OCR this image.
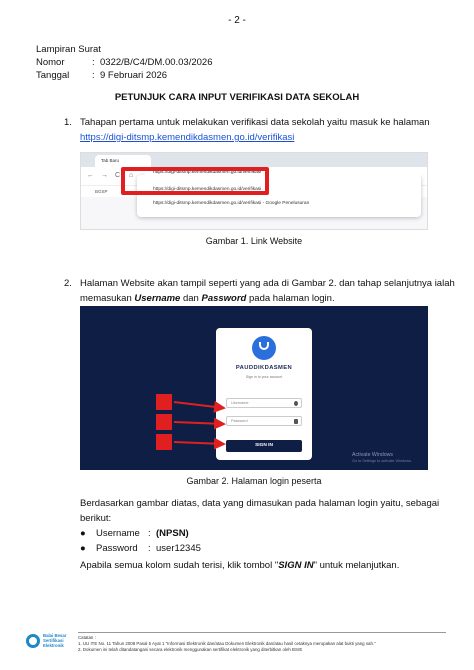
- 2 -
Lampiran Surat
Nomor	: 0322/B/C4/DM.00.03/2026
Tanggal : 9 Februari 2026
PETUNJUK CARA INPUT VERIFIKASI DATA SEKOLAH
1. Tahapan pertama untuk melakukan verifikasi data sekolah yaitu masuk ke halaman
https://digi-ditsmp.kemendikdasmen.go.id/verifikasi
Tab Baru
← → C ⌂
BGSP
https://digi-ditsmp.kemendikdasmen.go.id/verifikasi
https://digi-ditsmp.kemendikdasmen.go.id/verifikasi
https://digi-ditsmp.kemendikdasmen.go.id/verifikasi - Google Penelusuran
Gambar 1. Link Website
2. Halaman Website akan tampil seperti yang ada di Gambar 2. dan tahap selanjutnya ialah
memasukan Username dan Password pada halaman login.
PAUDDIKDASMEN
Sign in to your account
Username
Password
SIGN IN
Activate Windows
Go to Settings to activate Windows.
Gambar 2. Halaman login peserta
Berdasarkan gambar diatas, data yang dimasukan pada halaman login yaitu, sebagai
berikut:
● Username : (NPSN)
● Password : user12345
Apabila semua kolom sudah terisi, klik tombol "SIGN IN" untuk melanjutkan.
Balai Besar
Sertifikasi
Elektronik
Catatan :
1. UU ITE No. 11 Tahun 2008 Pasal 5 Ayat 1 "Informasi Elektronik dan/atau Dokumen Elektronik dan/atau hasil cetaknya merupakan alat bukti yang sah."
2. Dokumen ini telah ditandatangani secara elektronik menggunakan sertifikat elektronik yang diterbitkan oleh BSrE
